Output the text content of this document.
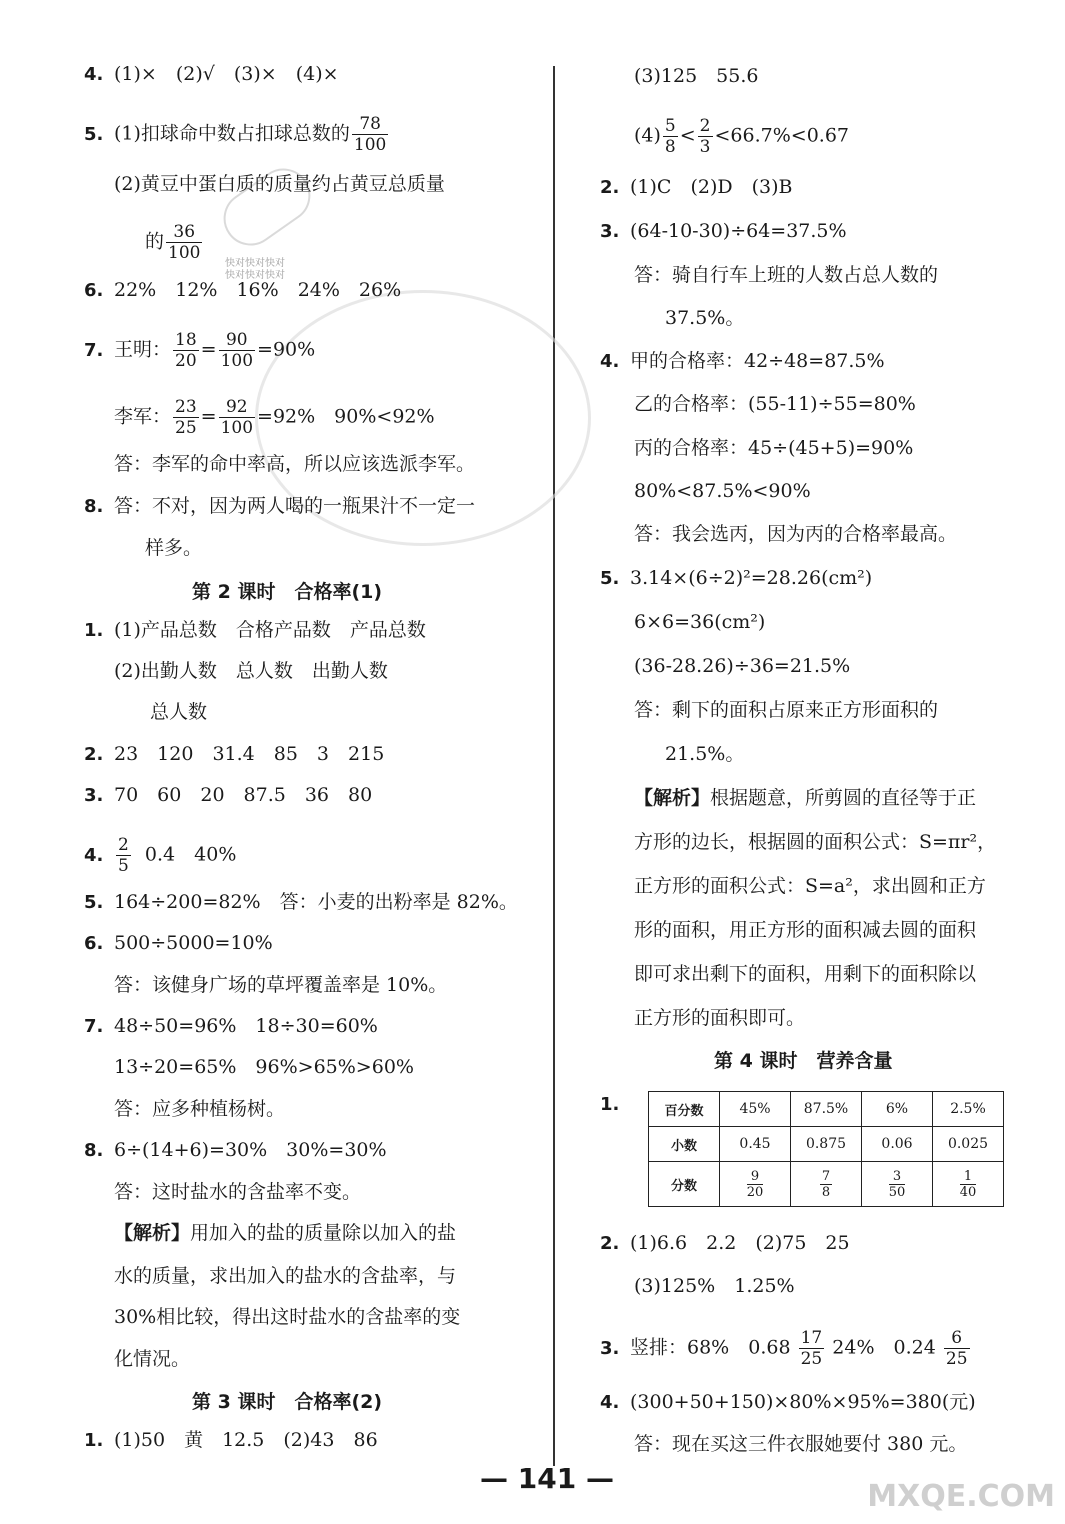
快对快对快对
快对快对快对
4. (1)×　(2)√　(3)×　(4)×
5. (1)扣球命中数占扣球总数的 $\frac{78}{100}$
(2)黄豆中蛋白质的质量约占黄豆总质量
的 $\frac{36}{100}$
6. 22%　12%　16%　24%　26%
7. 王明： $\frac{18}{20} = \frac{90}{100} =90\%$
李军： $\frac{23}{25} = \frac{92}{100} =92\%$　90%<92%
答：李军的命中率高，所以应该选派李军。
8. 答：不对，因为两人喝的一瓶果汁不一定一
样多。
第 2 课时　合格率(1)
1. (1)产品总数　合格产品数　产品总数
(2)出勤人数　总人数　出勤人数
总人数
2. 23　120　31.4　85　3　215
3. 70　60　20　87.5　36　80
4. $\frac{2}{5} 0.4$　40%
5. 164÷200=82%　答：小麦的出粉率是 82%。
6. 500÷5000=10%
答：该健身广场的草坪覆盖率是 10%。
7. 48÷50=96%　18÷30=60%
13÷20=65%　96%>65%>60%
答：应多种植杨树。
8. 6÷(14+6)=30%　30%=30%
答：这时盐水的含盐率不变。
【解析】用加入的盐的质量除以加入的盐
水的质量，求出加入的盐水的含盐率，与
30%相比较，得出这时盐水的含盐率的变
化情况。
第 3 课时　合格率(2)
1. (1)50　黄　12.5　(2)43　86
(3)125　55.6
$(4) \frac{5}{8} < \frac{2}{3} <66.7\%<0.67$
2. (1)C　(2)D　(3)B
3. (64-10-30)÷64=37.5%
答：骑自行车上班的人数占总人数的
37.5%。
4. 甲的合格率：42÷48=87.5%
乙的合格率：(55-11)÷55=80%
丙的合格率：45÷(45+5)=90%
80%<87.5%<90%
答：我会选丙，因为丙的合格率最高。
5. 3.14×(6÷2)²=28.26(cm²)
6×6=36(cm²)
(36-28.26)÷36=21.5%
答：剩下的面积占原来正方形面积的
21.5%。
【解析】根据题意，所剪圆的直径等于正
方形的边长，根据圆的面积公式：S=πr²，
正方形的面积公式：S=a²，求出圆和正方
形的面积，用正方形的面积减去圆的面积
即可求出剩下的面积，用剩下的面积除以
正方形的面积即可。
第 4 课时　营养含量
1.	百分数	45%	87.5%	6%	2.5%
小数	0.45	0.875	0.06	0.025
分数	$\frac{9}{20}$	$\frac{7}{8}$	$\frac{3}{50}$	$\frac{1}{40}$
2. (1)6.6　2.2　(2)75　25
(3)125%　1.25%
3. 竖排：68%　$0.68 \frac{17}{25} 24\%$　$0.24 \frac{6}{25}$
4. (300+50+150)×80%×95%=380(元)
答：现在买这三件衣服她要付 380 元。
— 141 —
MXQE.COM
